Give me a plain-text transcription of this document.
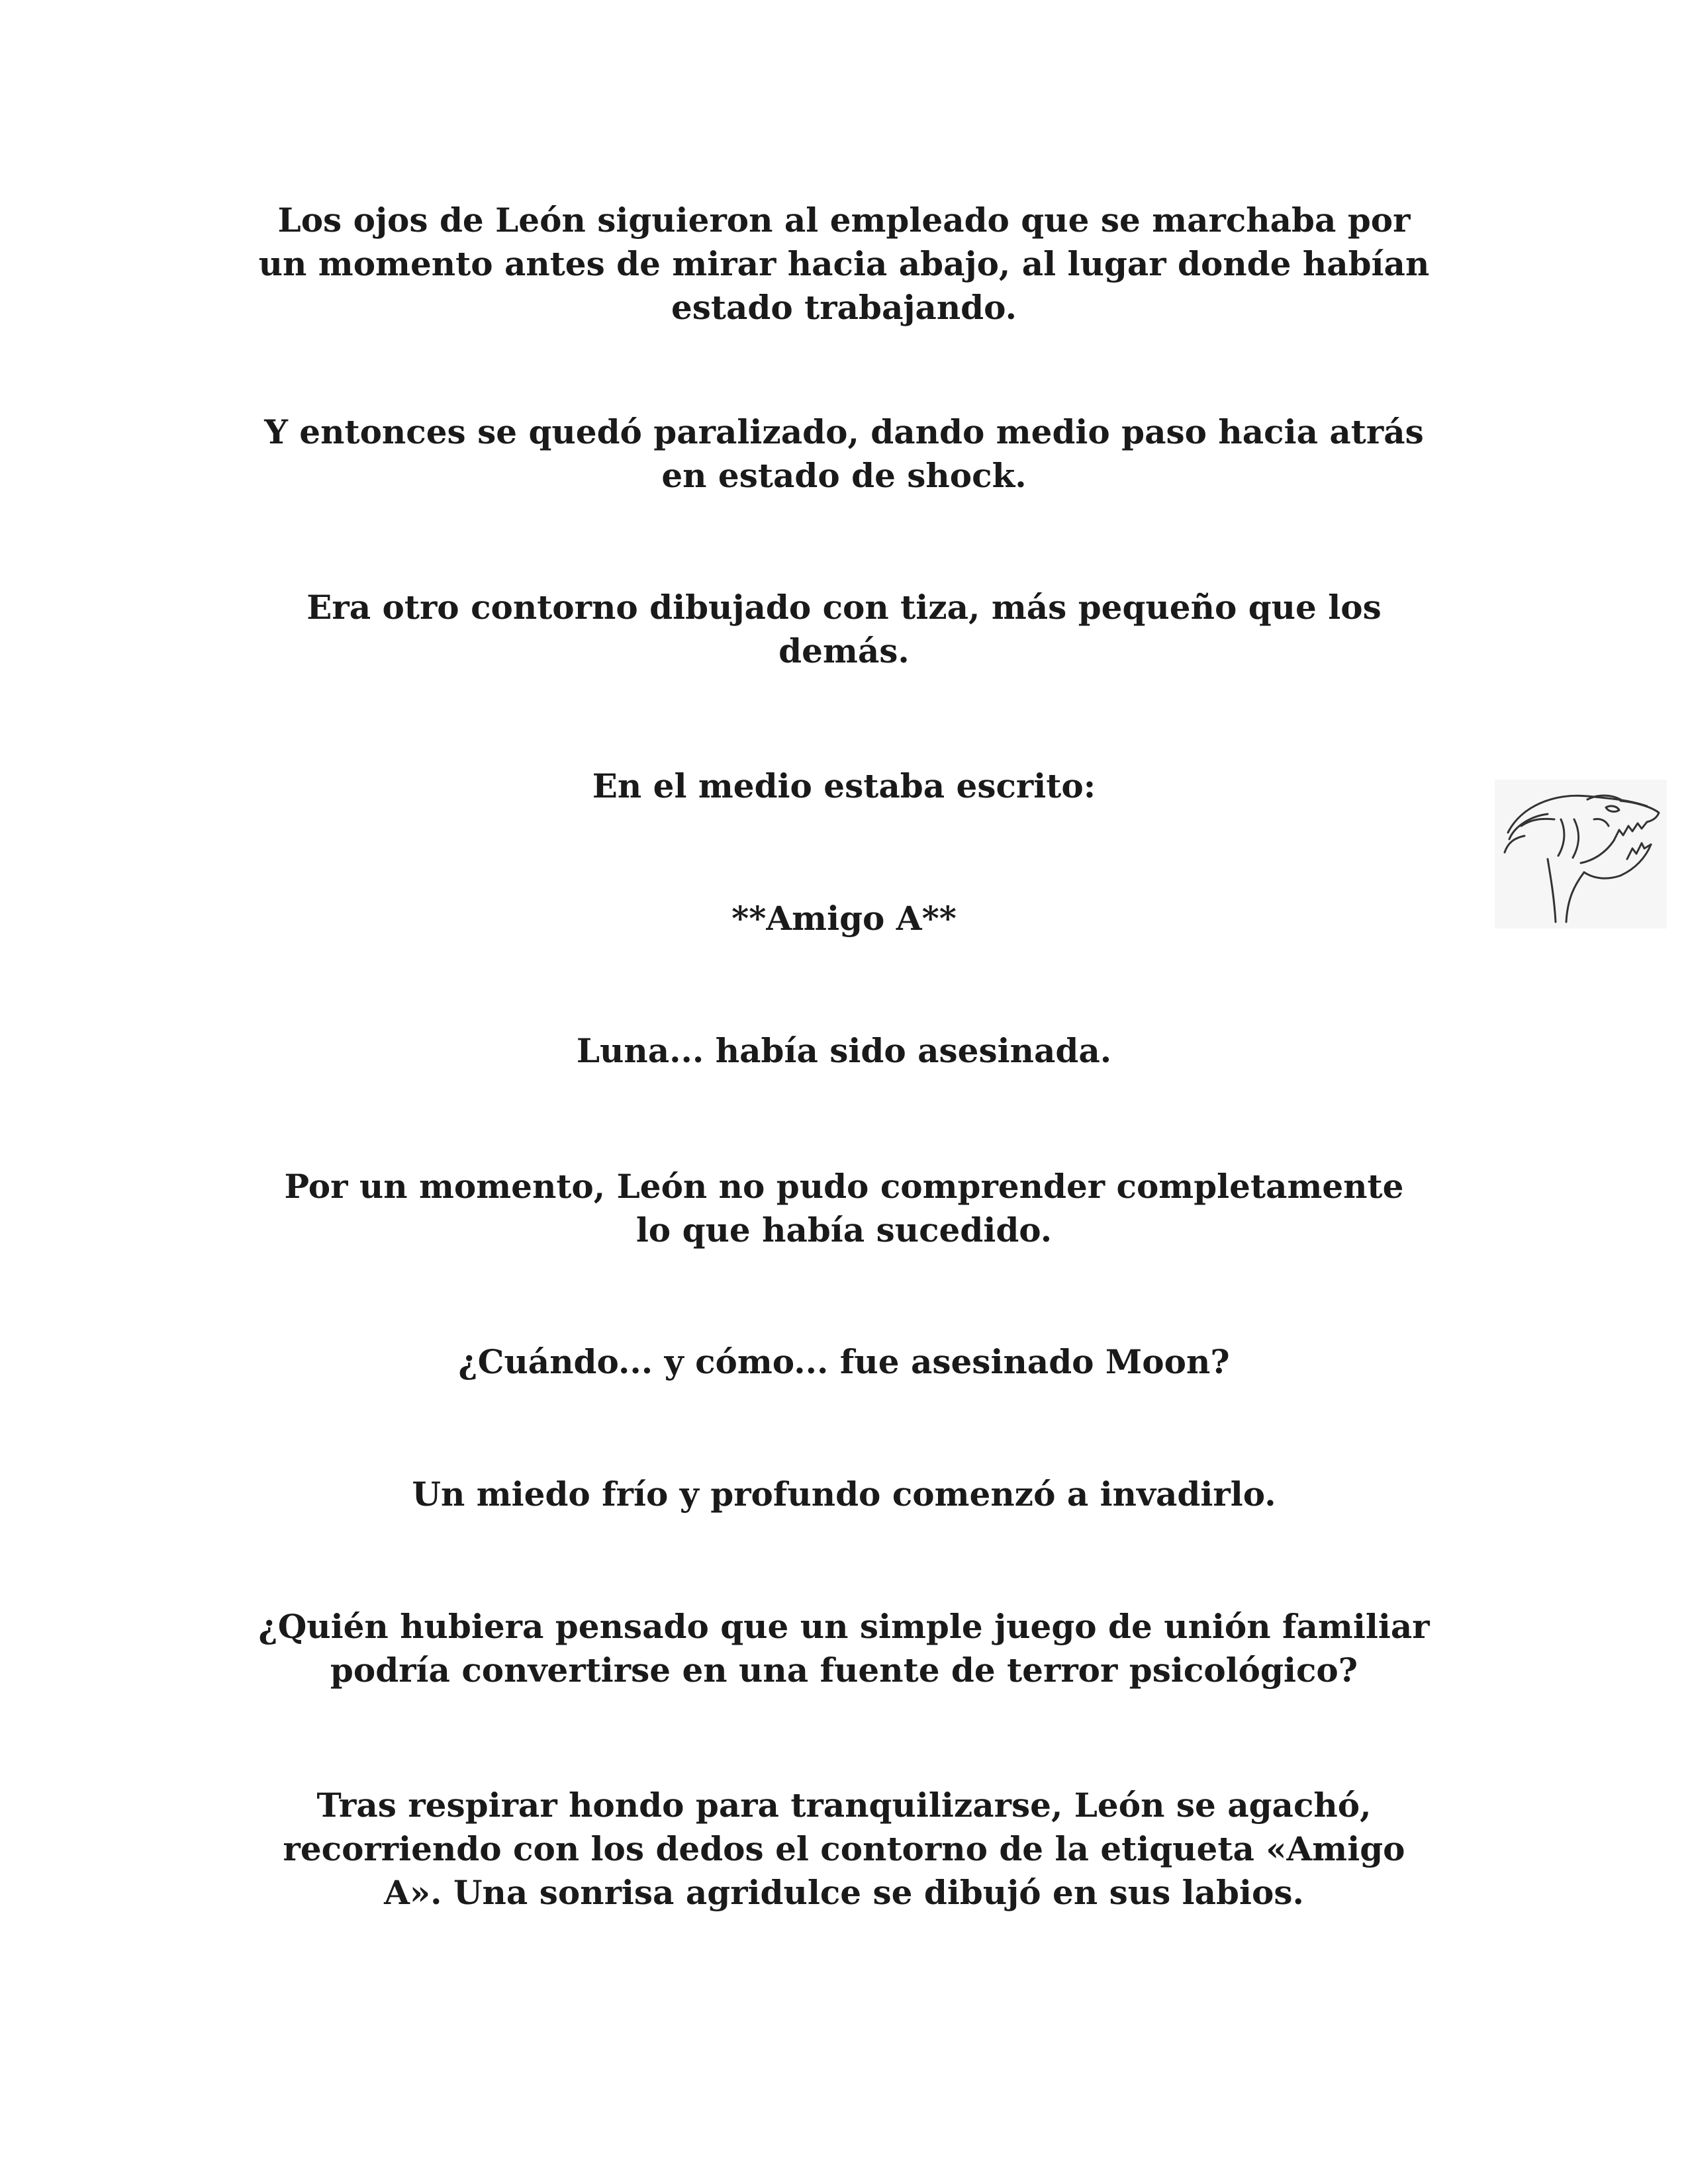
Los ojos de León siguieron al empleado que se marchaba por
un momento antes de mirar hacia abajo, al lugar donde habían
estado trabajando.

Y entonces se quedó paralizado, dando medio paso hacia atrás
en estado de shock.

Era otro contorno dibujado con tiza, más pequeño que los
demás.

En el medio estaba escrito:

**Amigo A**

Luna... había sido asesinada.

Por un momento, León no pudo comprender completamente
lo que había sucedido.

¿Cuándo... y cómo... fue asesinado Moon?

Un miedo frío y profundo comenzó a invadirlo.

¿Quién hubiera pensado que un simple juego de unión familiar
podría convertirse en una fuente de terror psicológico?

Tras respirar hondo para tranquilizarse, León se agachó,
recorriendo con los dedos el contorno de la etiqueta «Amigo
A». Una sonrisa agridulce se dibujó en sus labios.
